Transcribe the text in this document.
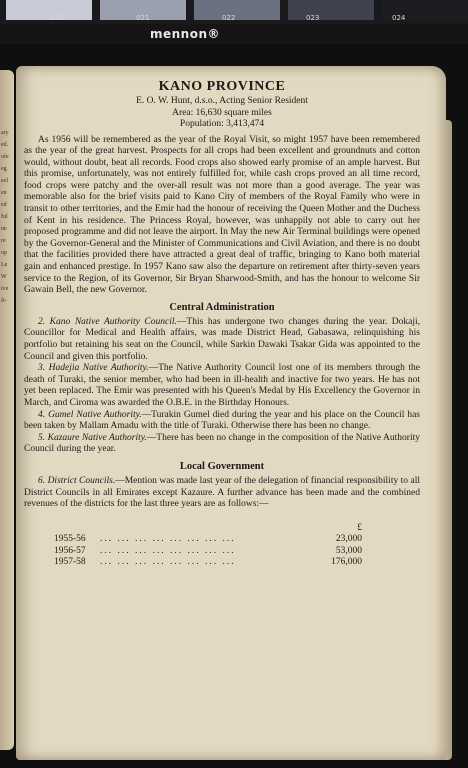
020	021	022	023	024
mennon®
ary
ed.
ofe
eg
eel
en
ed
ful
ne
re
op
Le
W
ive
fi-
KANO PROVINCE
E. O. W. Hunt, d.s.o., Acting Senior Resident
Area: 16,630 square miles
Population: 3,413,474

As 1956 will be remembered as the year of the Royal Visit, so might 1957 have been remembered as the year of the great harvest. Prospects for all crops had been excellent and groundnuts and cotton would, without doubt, beat all records. Food crops also showed early promise of an ample harvest. But this promise, unfortunately, was not entirely fulfilled for, while cash crops proved an all time record, food crops were patchy and the over-all result was not more than a good average. The year was memorable also for the brief visits paid to Kano City of members of the Royal Family who were in transit to other territories, and the Emir had the honour of receiving the Queen Mother and the Duchess of Kent in his residence. The Princess Royal, however, was unhappily not able to carry out her proposed programme and did not leave the airport. In May the new Air Terminal buildings were opened by the Governor-General and the Minister of Communications and Civil Aviation, and there is no doubt that the facilities provided there have attracted a great deal of traffic, bringing to Kano both material gain and enhanced prestige. In 1957 Kano saw also the departure on retirement after thirty-seven years service to the Region, of its Governor, Sir Bryan Sharwood-Smith, and has the honour to welcome Sir Gawain Bell, the new Governor.

Central Administration

2. Kano Native Authority Council.—This has undergone two changes during the year. Dokaji, Councillor for Medical and Health affairs, was made District Head, Gabasawa, relinquishing his portfolio but retaining his seat on the Council, while Sarkin Dawaki Tsakar Gida was appointed to the Council and given this portfolio.

3. Hadejia Native Authority.—The Native Authority Council lost one of its members through the death of Turaki, the senior member, who had been in ill-health and inactive for two years. He has not yet been replaced. The Emir was presented with his Queen's Medal by His Excellency the Governor in March, and Ciroma was awarded the O.B.E. in the Birthday Honours.

4. Gumel Native Authority.—Turakin Gumel died during the year and his place on the Council has been taken by Mallam Amadu with the title of Turaki. Otherwise there has been no change.

5. Kazaure Native Authority.—There has been no change in the composition of the Native Authority Council during the year.

Local Government

6. District Councils.—Mention was made last year of the delegation of financial responsibility to all District Councils in all Emirates except Kazaure. A further advance has been made and the combined revenues of the districts for the last three years are as follows:—

		£
1955-56	... ... ... ... ... ... ... ...	23,000
1956-57	... ... ... ... ... ... ... ...	53,000
1957-58	... ... ... ... ... ... ... ...	176,000
